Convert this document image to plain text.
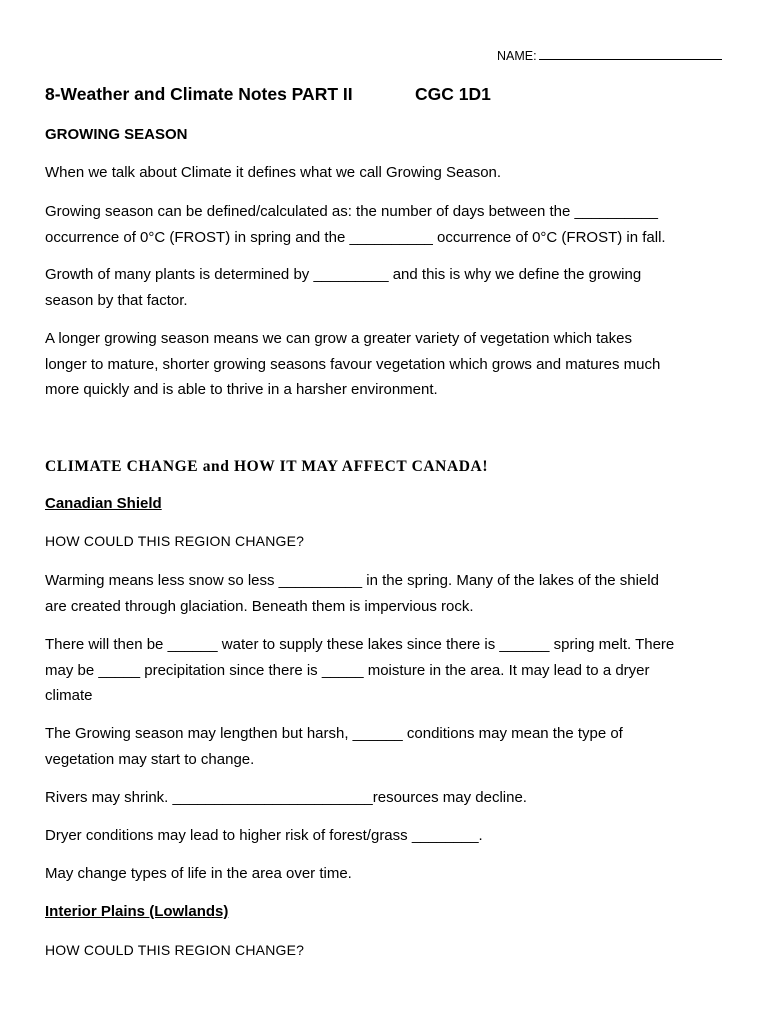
NAME:
8-Weather and Climate Notes PART II	CGC 1D1
GROWING SEASON
When we talk about Climate it defines what we call Growing Season.
Growing season can be defined/calculated as: the number of days between the __________
occurrence of 0°C (FROST) in spring and the __________ occurrence of 0°C (FROST) in fall.
Growth of many plants is determined by _________ and this is why we define the growing
season by that factor.
A longer growing season means we can grow a greater variety of vegetation which takes
longer to mature, shorter growing seasons favour vegetation which grows and matures much
more quickly and is able to thrive in a harsher environment.
CLIMATE CHANGE and HOW IT MAY AFFECT CANADA!
Canadian Shield
HOW COULD THIS REGION CHANGE?
Warming means less snow so less __________ in the spring. Many of the lakes of the shield
are created through glaciation. Beneath them is impervious rock.
There will then be ______ water to supply these lakes since there is ______ spring melt. There
may be _____ precipitation since there is _____ moisture in the area. It may lead to a dryer
climate
The Growing season may lengthen but harsh, ______ conditions may mean the type of
vegetation may start to change.
Rivers may shrink. ________________________resources may decline.
Dryer conditions may lead to higher risk of forest/grass ________.
May change types of life in the area over time.
Interior Plains (Lowlands)
HOW COULD THIS REGION CHANGE?
